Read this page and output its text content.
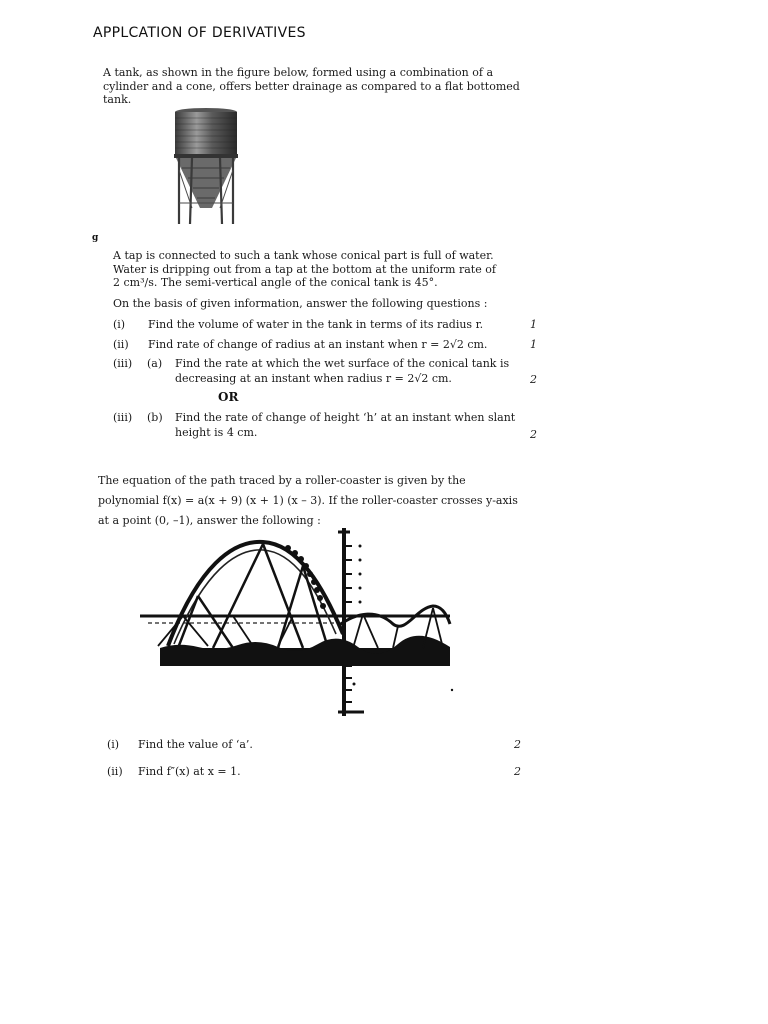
APPLCATION OF DERIVATIVES
A tank, as shown in the figure below, formed using a combination of a
cylinder and a cone, offers better drainage as compared to a flat bottomed
tank.
g
A tap is connected to such a tank whose conical part is full of water.
Water is dripping out from a tap at the bottom at the uniform rate of
2 cm³/s. The semi-vertical angle of the conical tank is 45°.
On the basis of given information, answer the following questions :
(i) Find the volume of water in the tank in terms of its radius r.	1
(ii) Find rate of change of radius at an instant when r = 2√2 cm.	1
(iii) (a) Find the rate at which the wet surface of the conical tank is
decreasing at an instant when radius r = 2√2 cm.	2
OR
(iii) (b) Find the rate of change of height ‘h’ at an instant when slant
height is 4 cm.	2
The equation of the path traced by a roller-coaster is given by the
polynomial f(x) = a(x + 9) (x + 1) (x – 3). If the roller-coaster crosses y-axis
at a point (0, –1), answer the following :
(i) Find the value of ‘a’.	2
(ii) Find f″(x) at x = 1.	2
